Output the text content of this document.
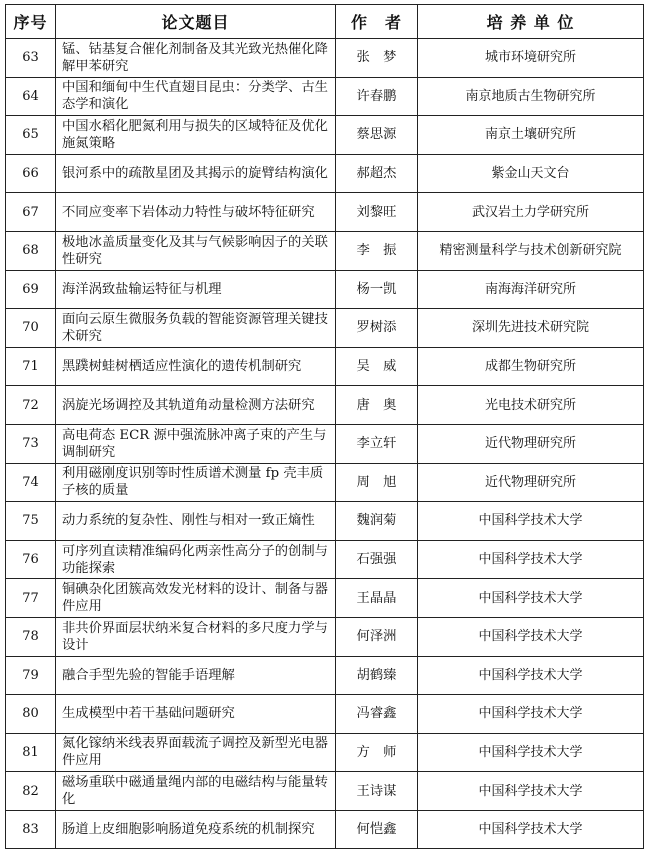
序号	论文题目	作　者	培 养 单 位
63	锰、钴基复合催化剂制备及其光致光热催化降解甲苯研究	张　梦	城市环境研究所
64	中国和缅甸中生代直翅目昆虫：分类学、古生态学和演化	许春鹏	南京地质古生物研究所
65	中国水稻化肥氮利用与损失的区域特征及优化施氮策略	蔡思源	南京土壤研究所
66	银河系中的疏散星团及其揭示的旋臂结构演化	郝超杰	紫金山天文台
67	不同应变率下岩体动力特性与破坏特征研究	刘黎旺	武汉岩土力学研究所
68	极地冰盖质量变化及其与气候影响因子的关联性研究	李　振	精密测量科学与技术创新研究院
69	海洋涡致盐输运特征与机理	杨一凯	南海海洋研究所
70	面向云原生微服务负载的智能资源管理关键技术研究	罗树添	深圳先进技术研究院
71	黑蹼树蛙树栖适应性演化的遗传机制研究	吴　威	成都生物研究所
72	涡旋光场调控及其轨道角动量检测方法研究	唐　奥	光电技术研究所
73	高电荷态 ECR 源中强流脉冲离子束的产生与调制研究	李立轩	近代物理研究所
74	利用磁刚度识别等时性质谱术测量 fp 壳丰质子核的质量	周　旭	近代物理研究所
75	动力系统的复杂性、刚性与相对一致正熵性	魏润菊	中国科学技术大学
76	可序列直读精准编码化两亲性高分子的创制与功能探索	石强强	中国科学技术大学
77	铜碘杂化团簇高效发光材料的设计、制备与器件应用	王晶晶	中国科学技术大学
78	非共价界面层状纳米复合材料的多尺度力学与设计	何泽洲	中国科学技术大学
79	融合手型先验的智能手语理解	胡鹤臻	中国科学技术大学
80	生成模型中若干基础问题研究	冯睿鑫	中国科学技术大学
81	氮化镓纳米线表界面载流子调控及新型光电器件应用	方　师	中国科学技术大学
82	磁场重联中磁通量绳内部的电磁结构与能量转化	王诗谋	中国科学技术大学
83	肠道上皮细胞影响肠道免疫系统的机制探究	何恺鑫	中国科学技术大学
